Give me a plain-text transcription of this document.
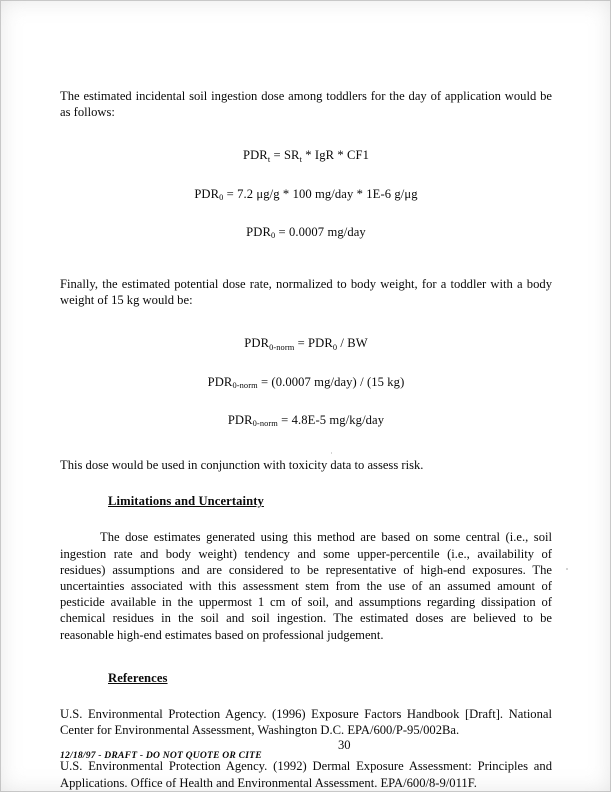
The estimated incidental soil ingestion dose among toddlers for the day of application would be as follows:

$PDR_t = SR_t$ * IgR * CF1

$PDR_0 = 7.2$ μg/g * 100 mg/day * 1E-6 g/μg

$PDR_0 = 0.0007$ mg/day

Finally, the estimated potential dose rate, normalized to body weight, for a toddler with a body weight of 15 kg would be:

$PDR_{0-norm} = PDR_0$ / BW

$PDR_{0-norm} = (0.0007$ mg/day) / (15 kg)

$PDR_{0-norm} = 4.8E-5$ mg/kg/day

This dose would be used in conjunction with toxicity data to assess risk.

Limitations and Uncertainty

The dose estimates generated using this method are based on some central (i.e., soil ingestion rate and body weight) tendency and some upper-percentile (i.e., availability of residues) assumptions and are considered to be representative of high-end exposures. The uncertainties associated with this assessment stem from the use of an assumed amount of pesticide available in the uppermost 1 cm of soil, and assumptions regarding dissipation of chemical residues in the soil and soil ingestion. The estimated doses are believed to be reasonable high-end estimates based on professional judgement.

References

U.S. Environmental Protection Agency. (1996) Exposure Factors Handbook [Draft]. National Center for Environmental Assessment, Washington D.C. EPA/600/P-95/002Ba.

U.S. Environmental Protection Agency. (1992) Dermal Exposure Assessment: Principles and Applications. Office of Health and Environmental Assessment. EPA/600/8-9/011F.

12/18/97 - DRAFT - DO NOT QUOTE OR CITE
30
